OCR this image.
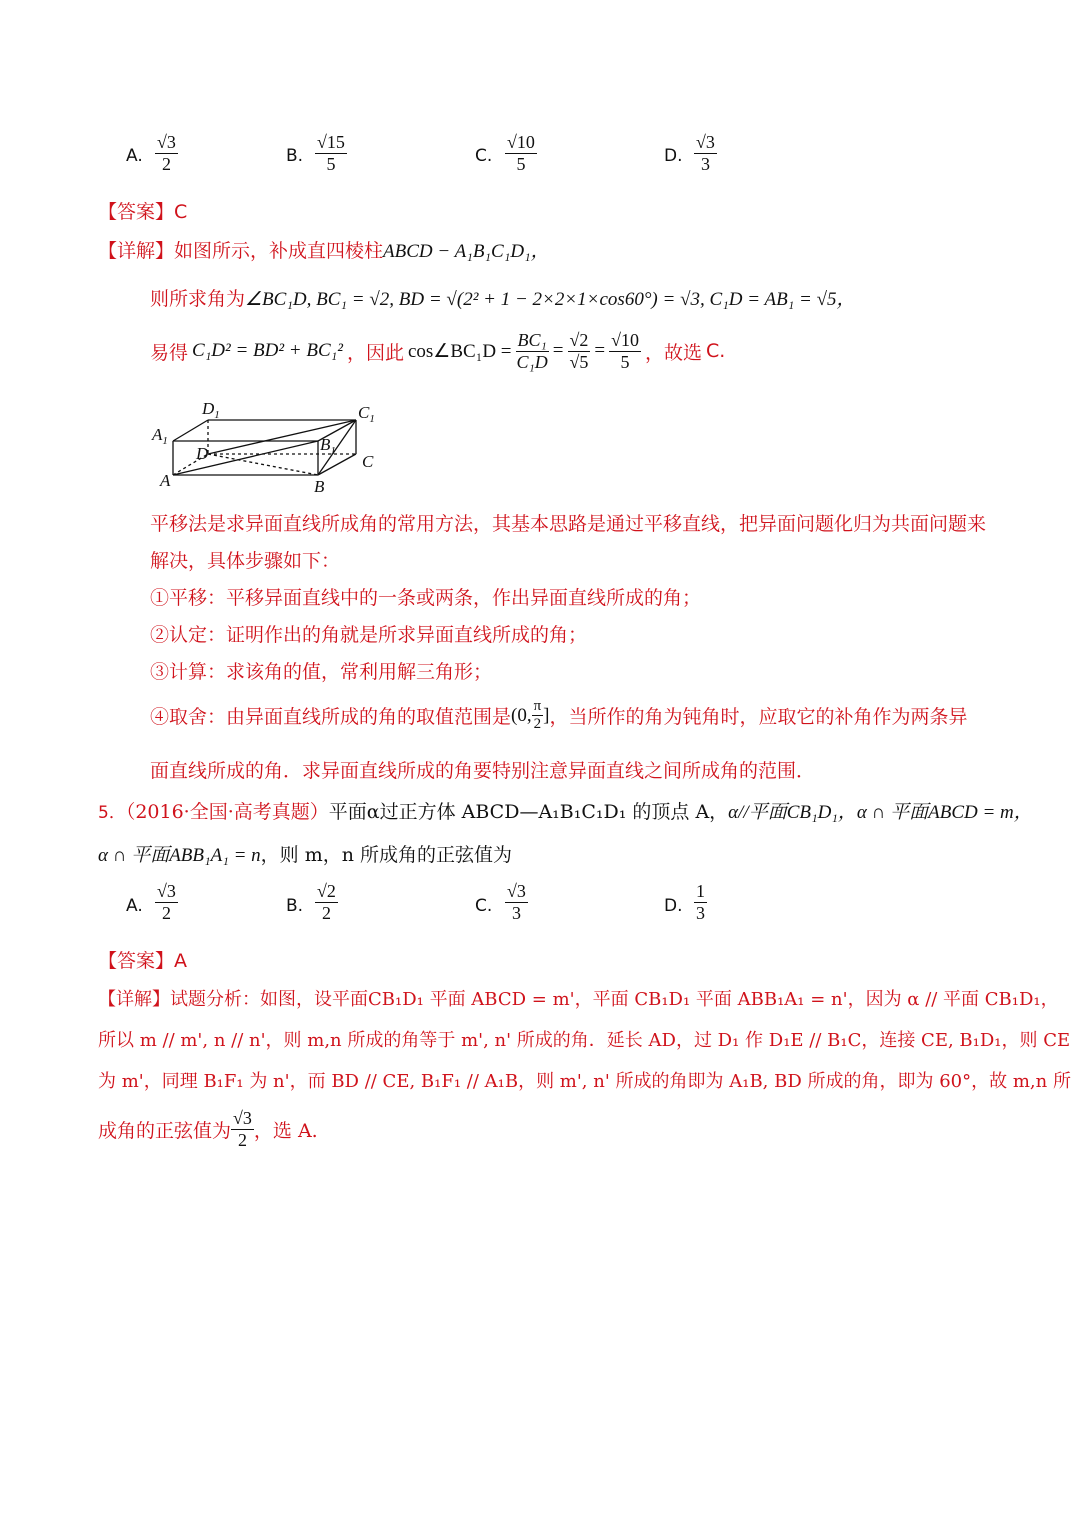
A.
√3
2	B.
√15
5	C.
√10
5	D.
√3
3
【答案】C
【详解】如图所示，补成直四棱柱ABCD − A₁B₁C₁D₁，
则所求角为∠BC₁D, BC₁ = √2, BD = √(2² + 1 − 2×2×1×cos60°) = √3, C₁D = AB₁ = √5，
易得 C₁D² = BD² + BC₁² ，因此 cos∠BC₁D = $\frac{\text{BC₁}}{\text{C₁D}} = \frac{√2}{√5} = \frac{√10}{5}$ ，故选 C.
$D_1$
$A_1$
$C_1$
$B_1$
D	C
A	B
平移法是求异面直线所成角的常用方法，其基本思路是通过平移直线，把异面问题化归为共面问题来
解决，具体步骤如下：
①平移：平移异面直线中的一条或两条，作出异面直线所成的角；
②认定：证明作出的角就是所求异面直线所成的角；
③计算：求该角的值，常利用解三角形；
④取舍：由异面直线所成的角的取值范围是 (0, $\frac{\pi}{2}$ ] ，当所作的角为钝角时，应取它的补角作为两条异
面直线所成的角．求异面直线所成的角要特别注意异面直线之间所成角的范围．
5．（2016·全国·高考真题）平面α过正方体 ABCD—A₁B₁C₁D₁ 的顶点 A，α//平面CB₁D₁，α ∩ 平面ABCD = m，
α ∩ 平面ABB₁A₁ = n，则 m，n 所成角的正弦值为
A.
√3
2	B.
√2
2	C.
√3
3	D.
1
3
【答案】A
【详解】试题分析：如图，设平面CB₁D₁ 平面 ABCD = m'，平面 CB₁D₁ 平面 ABB₁A₁ = n'，因为 α // 平面 CB₁D₁，
所以 m // m', n // n'，则 m,n 所成的角等于 m', n' 所成的角．延长 AD，过 D₁ 作 D₁E // B₁C，连接 CE, B₁D₁，则 CE
为 m'，同理 B₁F₁ 为 n'，而 BD // CE, B₁F₁ // A₁B，则 m', n' 所成的角即为 A₁B, BD 所成的角，即为 60°，故 m,n 所
成角的正弦值为 $\frac{√3}{2}$ ，选 A.
